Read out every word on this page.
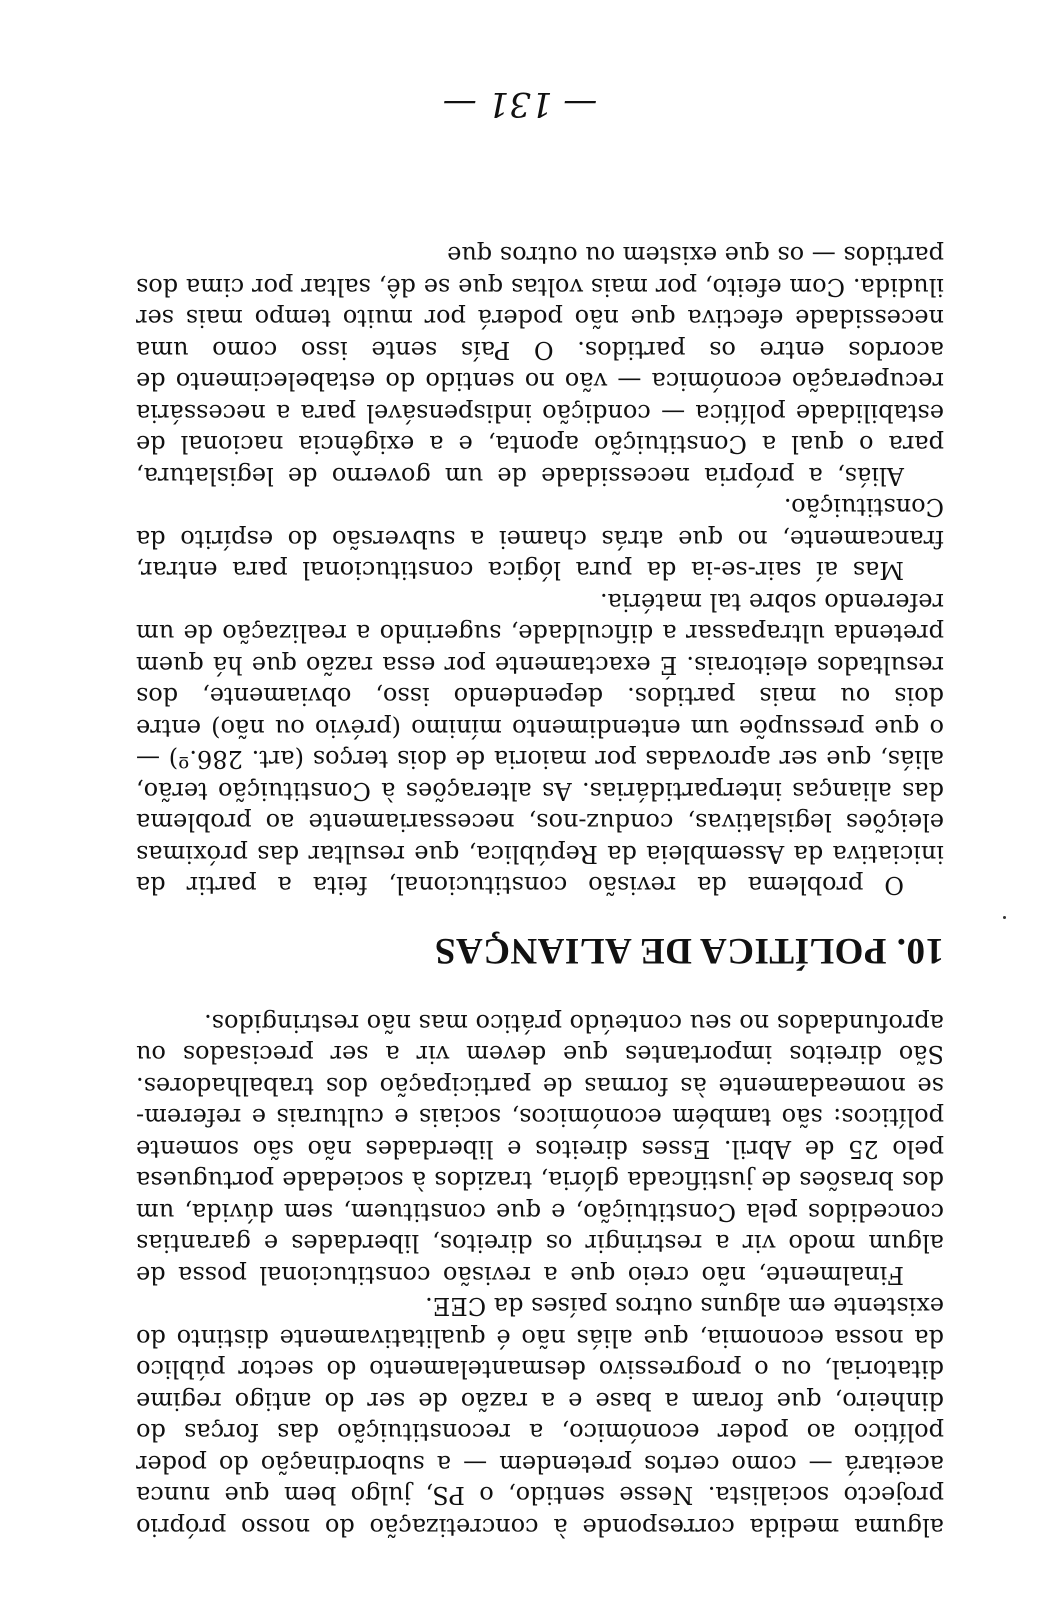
alguma medida corresponde à concretização do nosso próprio projecto socialista. Nesse sentido, o PS, julgo bem que nunca aceitará — como certos pretendem — a subordinação do poder político ao poder económico, a reconstituição das forças do dinheiro, que foram a base e a razão de ser do antigo regime ditatorial, ou o progressivo desmantelamento do sector público da nossa economia, que aliás não é qualitativamente distinto do existente em alguns outros países da CEE.

Finalmente, não creio que a revisão constitucional possa de algum modo vir a restringir os direitos, liberdades e garantias concedidos pela Constituição, e que constituem, sem dúvida, um dos brasões de justificada glória, trazidos à sociedade portuguesa pelo 25 de Abril. Esses direitos e liberdades não são somente políticos: são também económicos, sociais e culturais e referem-se nomeadamente às formas de participação dos trabalhadores. São direitos importantes que devem vir a ser precisados ou aprofundados no seu conteúdo prático mas não restringidos.

10. POLÍTICA DE ALIANÇAS

O problema da revisão constitucional, feita a partir da iniciativa da Assembleia da República, que resultar das próximas eleições legislativas, conduz-nos, necessariamente ao problema das alianças interpartidárias. As alterações à Constituição terão, aliás, que ser aprovadas por maioria de dois terços (art. 286.º) — o que pressupõe um entendimento mínimo (prévio ou não) entre dois ou mais partidos. dependendo isso, obviamente, dos resultados eleitorais. É exactamente por essa razão que há quem pretenda ultrapassar a dificuldade, sugerindo a realização de um referendo sobre tal matéria.

Mas aí sair-se-ia da pura lógica constitucional para entrar, francamente, no que atrás chamei a subversão do espírito da Constituição.

Aliás, a própria necessidade de um governo de legislatura, para o qual a Constituição aponta, e a exigência nacional de estabilidade política — condição indispensável para a necessária recuperação económica — vão no sentido do estabelecimento de acordos entre os partidos. O País sente isso como uma necessidade efectiva que não poderá por muito tempo mais ser iludida. Com efeito, por mais voltas que se dê, saltar por cima dos partidos — os que existem ou outros que

— 131 —
